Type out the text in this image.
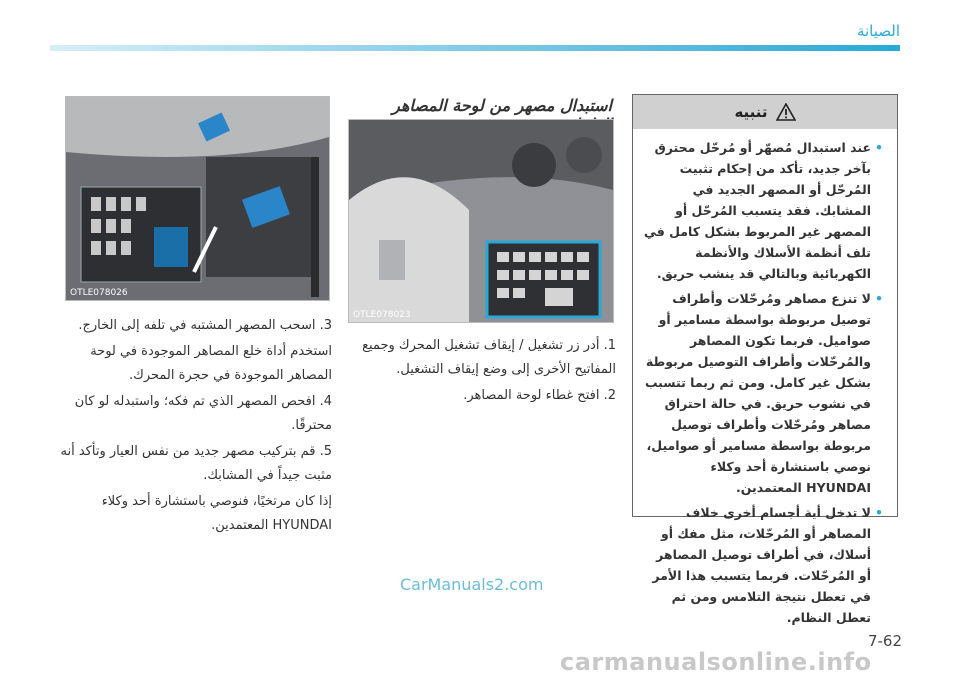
الصيانة
OTLE078026

3. اسحب المصهر المشتبه في تلفه إلى الخارج.

استخدم أداة خلع المصاهر الموجودة في لوحة المصاهر الموجودة في حجرة المحرك.

4. افحص المصهر الذي تم فكه؛ واستبدله لو كان محترقًا.

5. قم بتركيب مصهر جديد من نفس العيار وتأكد أنه مثبت جيداً في المشابك.

إذا كان مرتخيًا، فنوصي باستشارة أحد وكلاء HYUNDAI المعتمدين.

استبدال مصهر من لوحة المصاهر
OTLE078023

1. أدر زر تشغيل / إيقاف تشغيل المحرك وجميع المفاتيح الأخرى إلى وضع إيقاف التشغيل.

2. افتح غطاء لوحة المصاهر.

تنبيه
• عند استبدال مُصهّر أو مُرحّل محترق بآخر جديد، تأكد من إحكام تثبيت المُرحّل أو المصهر الجديد في المشابك. فقد يتسبب المُرحّل أو المصهر غير المربوط بشكل كامل في تلف أنظمة الأسلاك والأنظمة الكهربائية وبالتالي قد ينشب حريق.
• لا تنزع مصاهر ومُرحّلات وأطراف توصيل مربوطة بواسطة مسامير أو صواميل. فربما تكون المصاهر والمُرحّلات وأطراف التوصيل مربوطة بشكل غير كامل. ومن ثم ربما تتسبب في نشوب حريق. في حالة احتراق مصاهر ومُرحّلات وأطراف توصيل مربوطة بواسطة مسامير أو صواميل، نوصي باستشارة أحد وكلاء HYUNDAI المعتمدين.
• لا تدخل أية أجسام أخرى خلاف المصاهر أو المُرحّلات، مثل مفك أو أسلاك، في أطراف توصيل المصاهر أو المُرحّلات. فربما يتسبب هذا الأمر في تعطل نتيجة التلامس ومن ثم تعطل النظام.
CarManuals2.com
7-62
carmanualsonline.info
